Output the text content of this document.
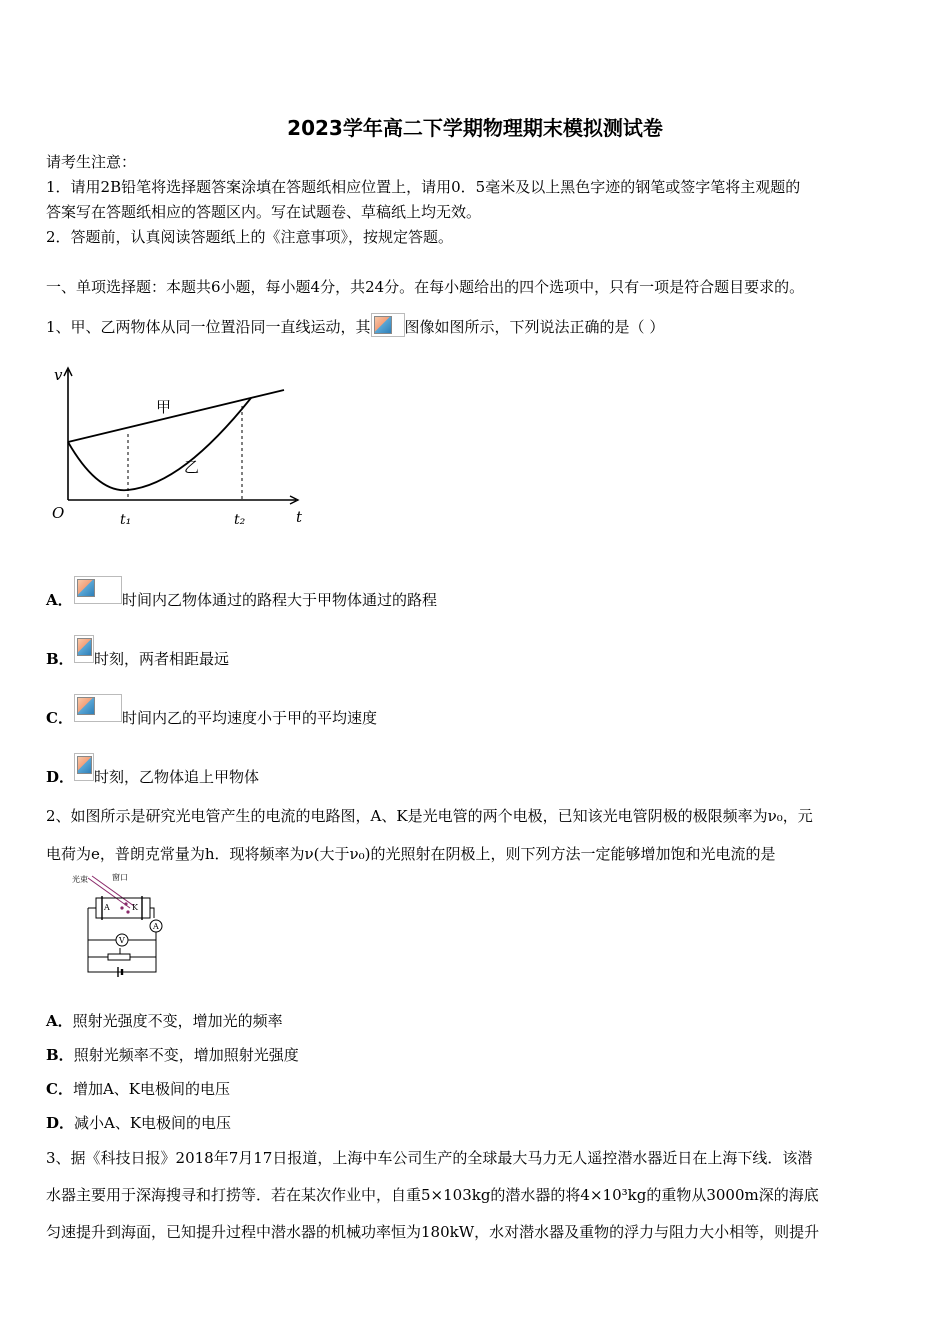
2023学年高二下学期物理期末模拟测试卷
请考生注意：
1．请用2B铅笔将选择题答案涂填在答题纸相应位置上，请用0．5毫米及以上黑色字迹的钢笔或签字笔将主观题的
答案写在答题纸相应的答题区内。写在试题卷、草稿纸上均无效。
2．答题前，认真阅读答题纸上的《注意事项》，按规定答题。
一、单项选择题：本题共6小题，每小题4分，共24分。在每小题给出的四个选项中，只有一项是符合题目要求的。
1、甲、乙两物体从同一位置沿同一直线运动，其 图像如图所示，下列说法正确的是（ ）
v
t
O	t₁	t₂
甲
乙
A．	时间内乙物体通过的路程大于甲物体通过的路程
B． 时刻，两者相距最远
C．	时间内乙的平均速度小于甲的平均速度
D． 时刻，乙物体追上甲物体
2、如图所示是研究光电管产生的电流的电路图，A、K是光电管的两个电极，已知该光电管阴极的极限频率为ν₀，元
电荷为e，普朗克常量为h．现将频率为ν(大于ν₀)的光照射在阴极上，则下列方法一定能够增加饱和光电流的是
光束	窗口
A	K
A
V
A．照射光强度不变，增加光的频率
B．照射光频率不变，增加照射光强度
C．增加A、K电极间的电压
D．减小A、K电极间的电压
3、据《科技日报》2018年7月17日报道，上海中车公司生产的全球最大马力无人遥控潜水器近日在上海下线．该潜
水器主要用于深海搜寻和打捞等．若在某次作业中，自重5×103kg的潜水器的将4×10³kg的重物从3000m深的海底
匀速提升到海面，已知提升过程中潜水器的机械功率恒为180kW，水对潜水器及重物的浮力与阻力大小相等，则提升
